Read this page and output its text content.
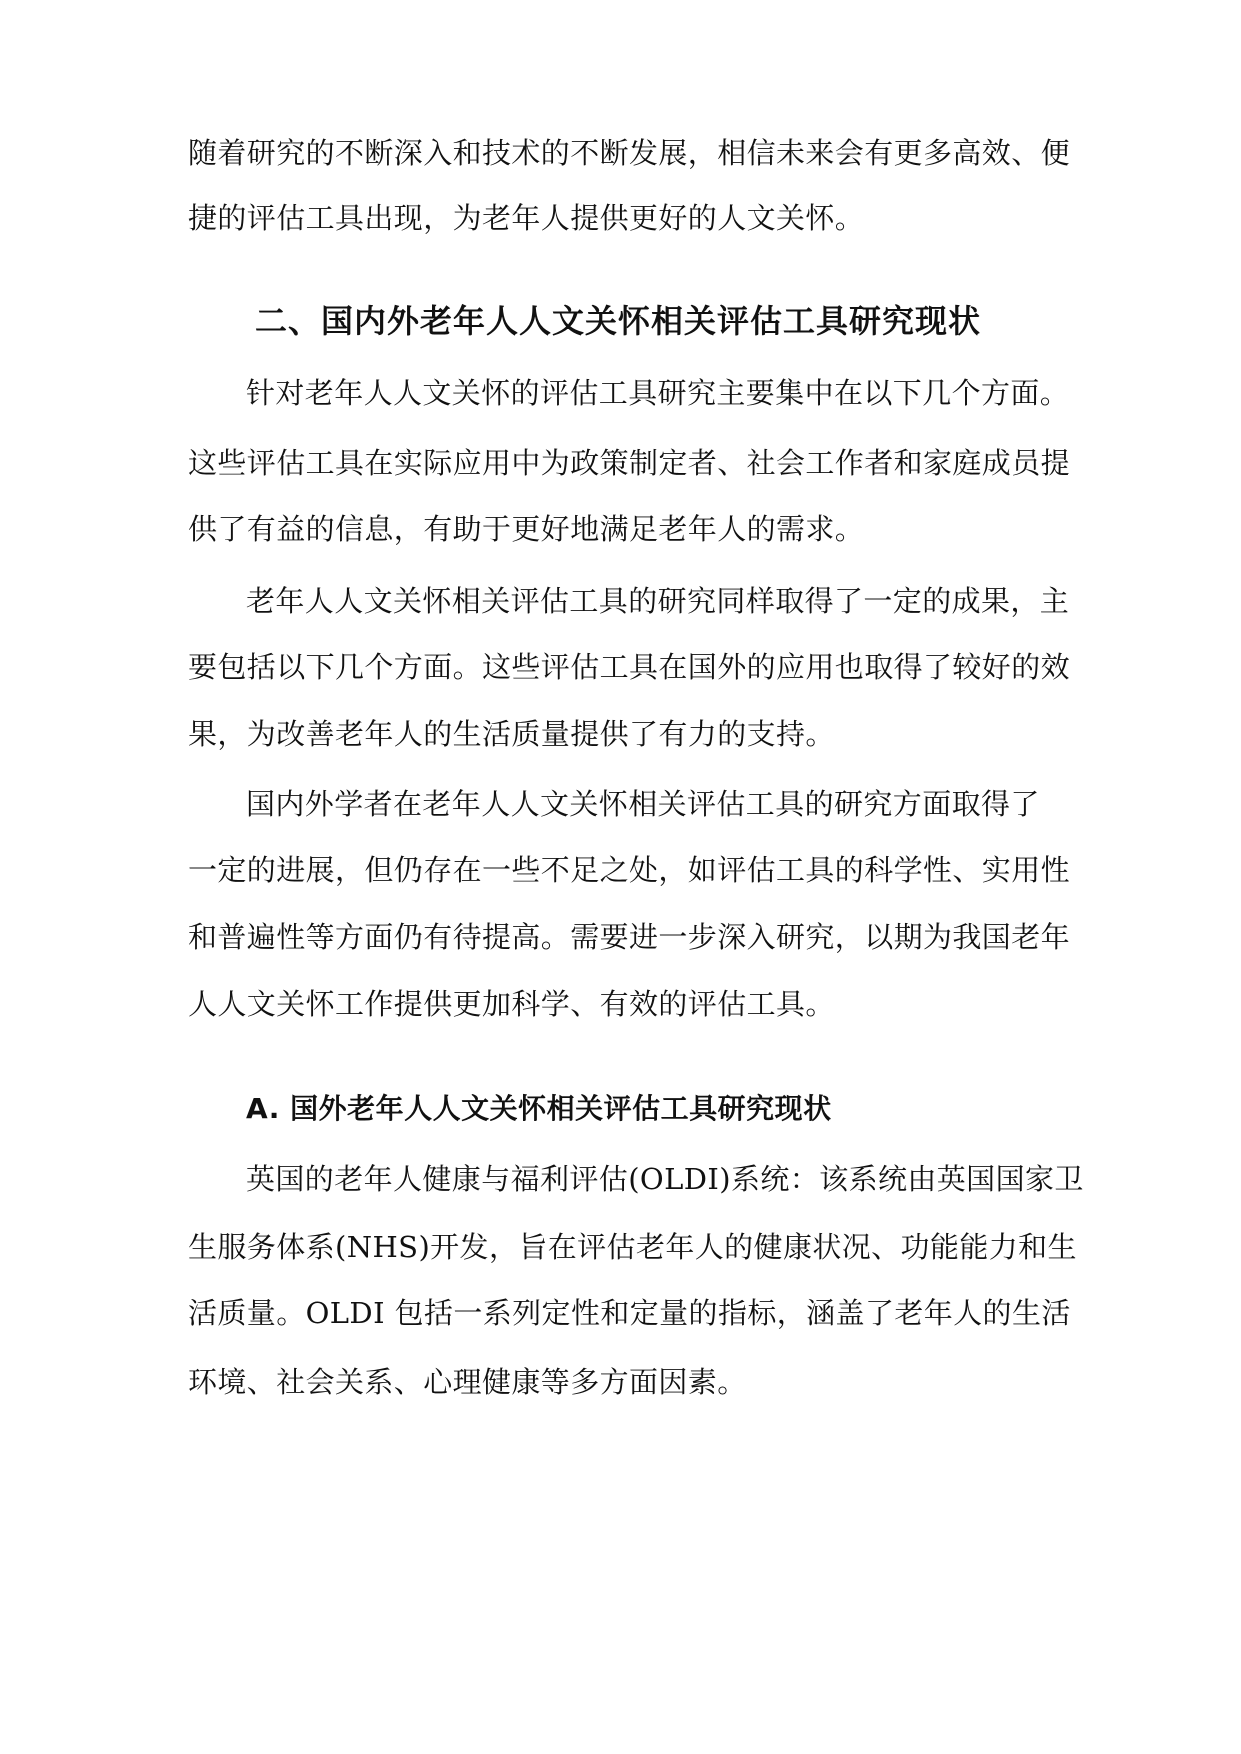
随着研究的不断深入和技术的不断发展，相信未来会有更多高效、便
捷的评估工具出现，为老年人提供更好的人文关怀。
二、国内外老年人人文关怀相关评估工具研究现状
针对老年人人文关怀的评估工具研究主要集中在以下几个方面。
这些评估工具在实际应用中为政策制定者、社会工作者和家庭成员提
供了有益的信息，有助于更好地满足老年人的需求。
老年人人文关怀相关评估工具的研究同样取得了一定的成果，主
要包括以下几个方面。这些评估工具在国外的应用也取得了较好的效
果，为改善老年人的生活质量提供了有力的支持。
国内外学者在老年人人文关怀相关评估工具的研究方面取得了
一定的进展，但仍存在一些不足之处，如评估工具的科学性、实用性
和普遍性等方面仍有待提高。需要进一步深入研究，以期为我国老年
人人文关怀工作提供更加科学、有效的评估工具。
A. 国外老年人人文关怀相关评估工具研究现状
英国的老年人健康与福利评估(OLDI)系统：该系统由英国国家卫
生服务体系(NHS)开发，旨在评估老年人的健康状况、功能能力和生
活质量。OLDI 包括一系列定性和定量的指标，涵盖了老年人的生活
环境、社会关系、心理健康等多方面因素。
